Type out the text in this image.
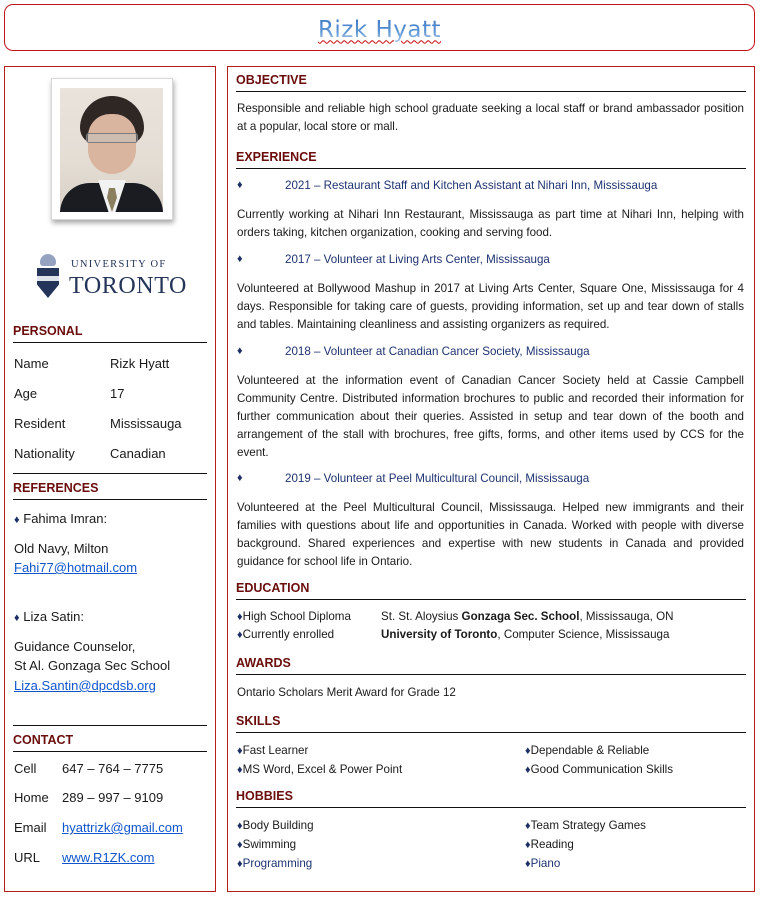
Rizk Hyatt
UNIVERSITY OF
TORONTO
PERSONAL
Name	Rizk Hyatt
Age	17
Resident	Mississauga
Nationality	Canadian
REFERENCES
♦ Fahima Imran:
Old Navy, Milton
Fahi77@hotmail.com
♦ Liza Satin:
Guidance Counselor,
St Al. Gonzaga Sec School
Liza.Santin@dpcdsb.org
CONTACT
Cell	647 – 764 – 7775
Home	289 – 997 – 9109
Email	hyattrizk@gmail.com
URL	www.R1ZK.com
OBJECTIVE
Responsible and reliable high school graduate seeking a local staff or brand ambassador position at a popular, local store or mall.
EXPERIENCE
♦	2021 – Restaurant Staff and Kitchen Assistant at Nihari Inn, Mississauga
Currently working at Nihari Inn Restaurant, Mississauga as part time at Nihari Inn, helping with orders taking, kitchen organization, cooking and serving food.
♦	2017 – Volunteer at Living Arts Center, Mississauga
Volunteered at Bollywood Mashup in 2017 at Living Arts Center, Square One, Mississauga for 4 days. Responsible for taking care of guests, providing information, set up and tear down of stalls and tables. Maintaining cleanliness and assisting organizers as required.
♦	2018 – Volunteer at Canadian Cancer Society, Mississauga
Volunteered at the information event of Canadian Cancer Society held at Cassie Campbell Community Centre. Distributed information brochures to public and recorded their information for further communication about their queries. Assisted in setup and tear down of the booth and arrangement of the stall with brochures, free gifts, forms, and other items used by CCS for the event.
♦	2019 – Volunteer at Peel Multicultural Council, Mississauga
Volunteered at the Peel Multicultural Council, Mississauga. Helped new immigrants and their families with questions about life and opportunities in Canada. Worked with people with diverse background. Shared experiences and expertise with new students in Canada and provided guidance for school life in Ontario.
EDUCATION
♦High School Diploma	St. St. Aloysius Gonzaga Sec. School, Mississauga, ON
♦Currently enrolled	University of Toronto, Computer Science, Mississauga
AWARDS
Ontario Scholars Merit Award for Grade 12
SKILLS
♦Fast Learner	♦Dependable & Reliable
♦MS Word, Excel & Power Point	♦Good Communication Skills
HOBBIES
♦Body Building	♦Team Strategy Games
♦Swimming	♦Reading
♦Programming	♦Piano
